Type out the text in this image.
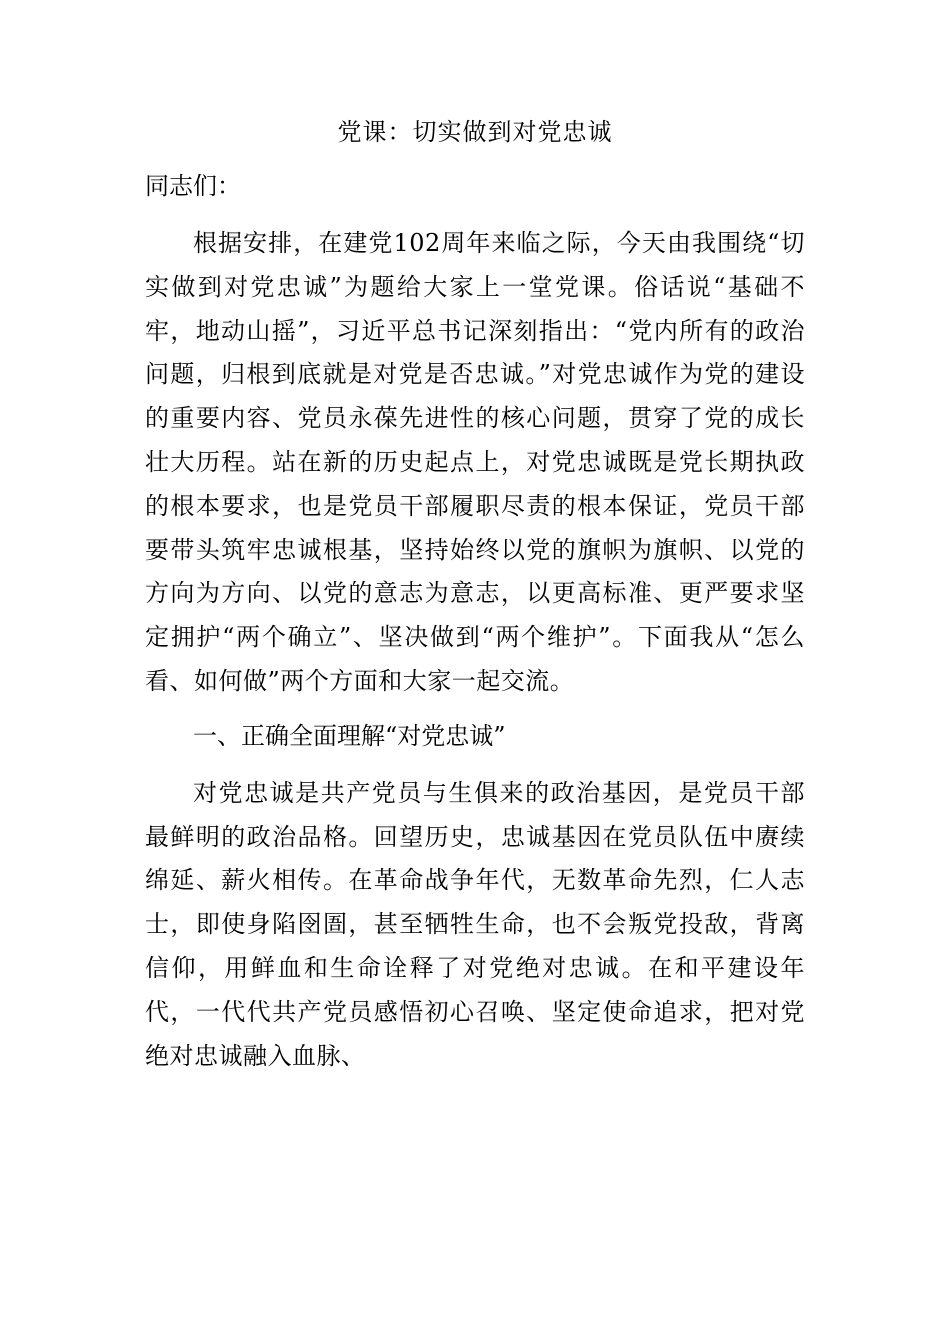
党课：切实做到对党忠诚

同志们：

根据安排，在建党102周年来临之际，今天由我围绕“切实做到对党忠诚”为题给大家上一堂党课。俗话说“基础不牢，地动山摇”，习近平总书记深刻指出：“党内所有的政治问题，归根到底就是对党是否忠诚。”对党忠诚作为党的建设的重要内容、党员永葆先进性的核心问题，贯穿了党的成长壮大历程。站在新的历史起点上，对党忠诚既是党长期执政的根本要求，也是党员干部履职尽责的根本保证，党员干部要带头筑牢忠诚根基，坚持始终以党的旗帜为旗帜、以党的方向为方向、以党的意志为意志，以更高标准、更严要求坚定拥护“两个确立”、坚决做到“两个维护”。下面我从“怎么看、如何做”两个方面和大家一起交流。

一、正确全面理解“对党忠诚”

对党忠诚是共产党员与生俱来的政治基因，是党员干部最鲜明的政治品格。回望历史，忠诚基因在党员队伍中赓续绵延、薪火相传。在革命战争年代，无数革命先烈，仁人志士，即使身陷囹圄，甚至牺牲生命，也不会叛党投敌，背离信仰，用鲜血和生命诠释了对党绝对忠诚。在和平建设年代，一代代共产党员感悟初心召唤、坚定使命追求，把对党绝对忠诚融入血脉、
